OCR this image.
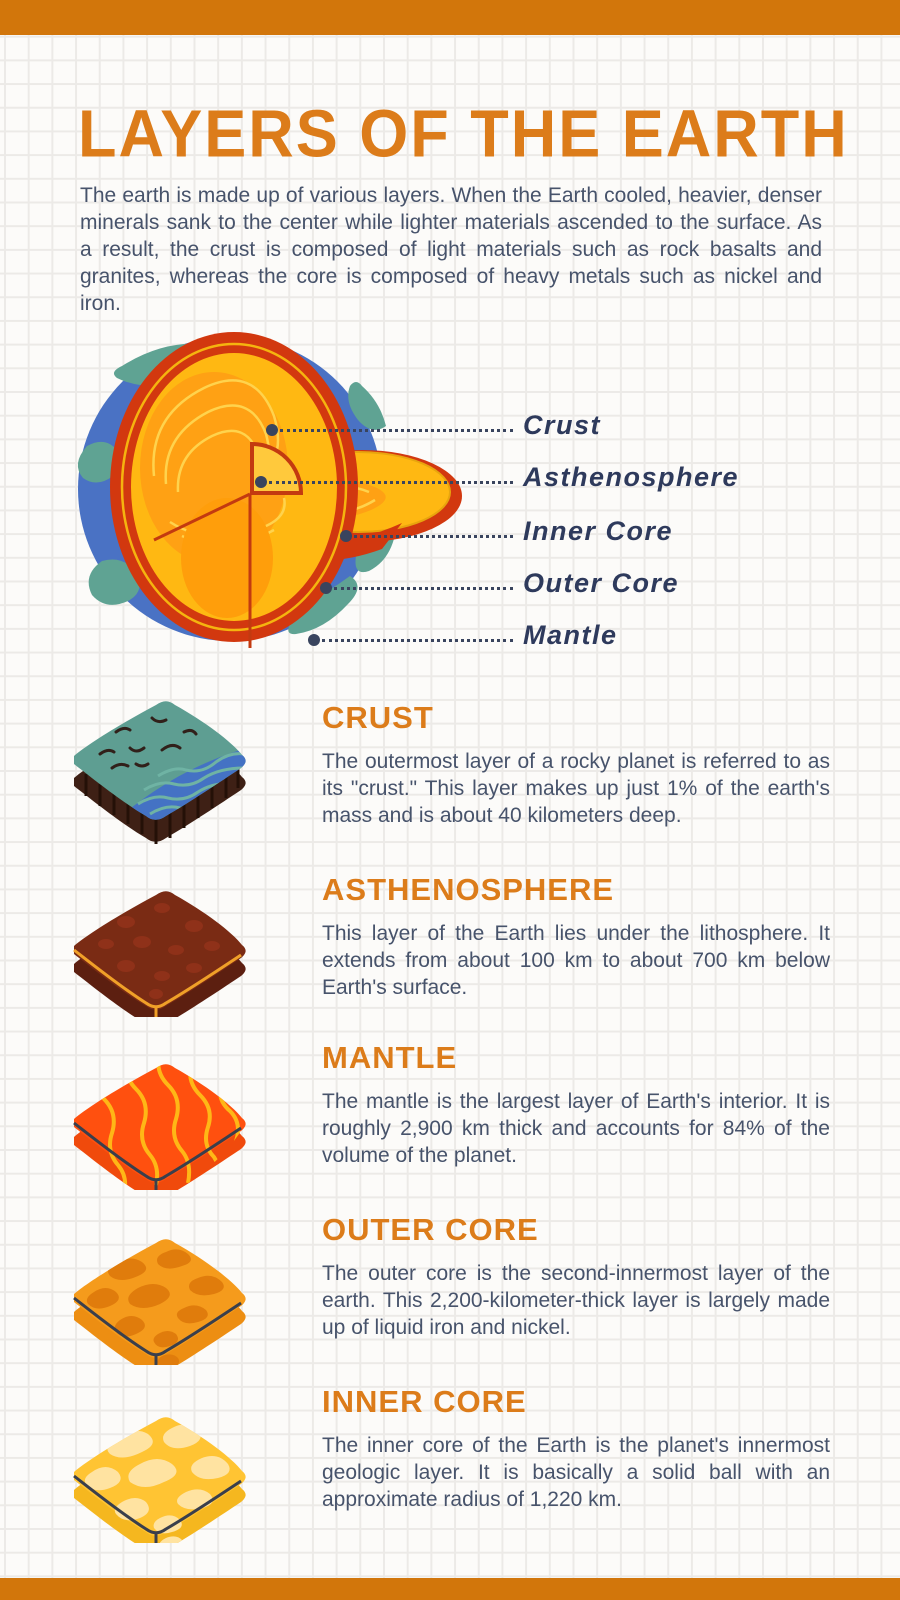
LAYERS OF THE EARTH
The earth is made up of various layers. When the Earth cooled, heavier, denser minerals sank to the center while lighter materials ascended to the surface. As a result, the crust is composed of light materials such as rock basalts and granites, whereas the core is composed of heavy metals such as nickel and iron.
Crust
Asthenosphere
Inner Core
Outer Core
Mantle
CRUST
The outermost layer of a rocky planet is referred to as its "crust." This layer makes up just 1% of the earth's mass and is about 40 kilometers deep.
ASTHENOSPHERE
This layer of the Earth lies under the lithosphere. It extends from about 100 km to about 700 km below Earth's surface.
MANTLE
The mantle is the largest layer of Earth's interior. It is roughly 2,900 km thick and accounts for 84% of the volume of the planet.
OUTER CORE
The outer core is the second-innermost layer of the earth. This 2,200-kilometer-thick layer is largely made up of liquid iron and nickel.
INNER CORE
The inner core of the Earth is the planet's innermost geologic layer. It is basically a solid ball with an approximate radius of 1,220 km.
